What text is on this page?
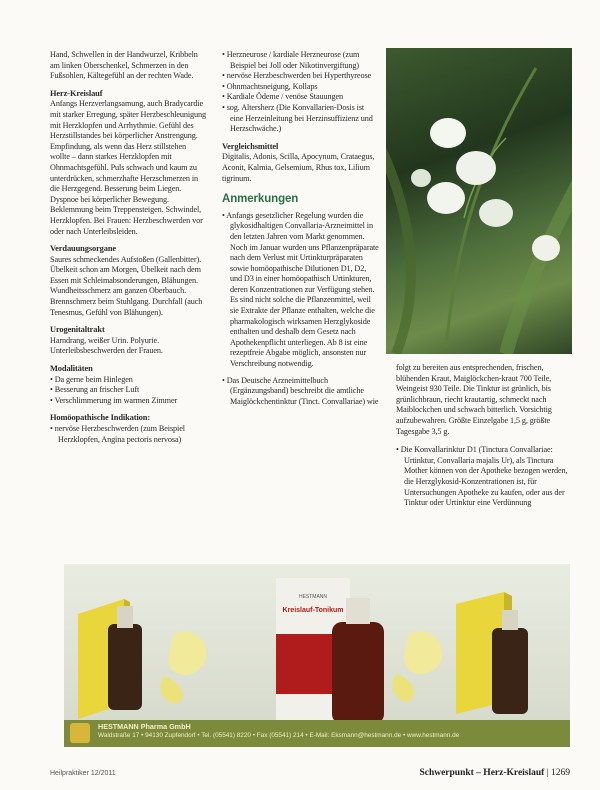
Hand, Schwellen in der Handwurzel, Kribbeln am linken Oberschenkel, Schmerzen in den Fußsohlen, Kältegefühl an der rechten Wade.

Herz-Kreislauf

Anfangs Herzverlangsamung, auch Bradycardie mit starker Erregung, später Herzbeschleunigung mit Herzklopfen und Arrhythmie. Gefühl des Herzstillstandes bei körperlicher Anstrengung. Empfindung, als wenn das Herz stillstehen wollte – dann starkes Herzklopfen mit Ohnmachtsgefühl. Puls schwach und kaum zu unterdrücken, schmerzhafte Herzschmerzen in die Herzgegend. Besserung beim Liegen. Dyspnoe bei körperlicher Bewegung. Beklemmung beim Treppensteigen. Schwindel, Herzklopfen. Bei Frauen: Herzbeschwerden vor oder nach Unterleibsleiden.

Verdauungsorgane

Saures schmeckendes Aufstoßen (Gallenbitter). Übelkeit schon am Morgen, Übelkeit nach dem Essen mit Schleimabsonderungen, Blähungen. Wundheitsschmerz am ganzen Oberbauch. Brennschmerz beim Stuhlgang. Durchfall (auch Tenesmus, Gefühl von Blähungen).

Urogenitaltrakt

Harndrang, weißer Urin. Polyurie. Unterleibsbeschwerden der Frauen.

Modalitäten

• Da gerne beim Hinlegen

• Besserung an frischer Luft

• Verschlimmerung im warmen Zimmer

Homöopathische Indikation:

• nervöse Herzbeschwerden (zum Beispiel Herzklopfen, Angina pectoris nervosa)

• Herzneurose / kardiale Herzneurose (zum Beispiel bei Joll oder Nikotinvergiftung)

• nervöse Herzbeschwerden bei Hyperthyreose

• Ohnmachtsneigung, Kollaps

• Kardiale Ödeme / venöse Stauungen

• sog. Altersherz (Die Konvallarien-Dosis ist eine Herzeinleitung bei Herzinsuffizienz und Herzschwäche.)

Vergleichsmittel

Digitalis, Adonis, Scilla, Apocynum, Crataegus, Aconit, Kalmia, Gelsemium, Rhus tox, Lilium tigrinum.

Anmerkungen

• Anfangs gesetzlicher Regelung wurden die glykosidhaltigen Convallaria-Arzneimittel in den letzten Jahren vom Markt genommen. Noch im Januar wurden uns Pflanzenpräparate nach dem Verlust mit Urtinkturpräparaten sowie homöopathische Dilutionen D1, D2, und D3 in einer homöopathisch Urtinkturen, deren Konzentrationen zur Verfügung stehen. Es sind nicht solche die Pflanzenmittel, weil sie Extrakte der Pflanze enthalten, welche die pharmakologisch wirksamen Herzglykoside enthalten und deshalb dem Gesetz nach Apothekenpflicht unterliegen. Ab 8 ist eine rezeptfreie Abgabe möglich, ansonsten nur Verschreibung notwendig.

• Das Deutsche Arzneimittelbuch (Ergänzungsband) beschreibt die amtliche Maiglöckchentinktur (Tinct. Convallariae) wie

folgt zu bereiten aus entsprechenden, frischen, blühenden Kraut, Maiglöckchen-kraut 700 Teile, Weingeist 930 Teile. Die Tinktur ist grünlich, bis grünlichbraun, riecht krautartig, schmeckt nach Maiblockchen und schwach bitterlich. Vorsichtig aufzubewahren. Größte Einzelgabe 1,5 g, größte Tagesgabe 3,5 g.

• Die Konvallarinktur D1 (Tinctura Convallariae: Urtinktur, Convallaria majalis Ur), als Tinctura Mother können von der Apotheke bezogen werden, die Herzglykosid-Konzentrationen ist, für Untersuchungen Apotheke zu kaufen, oder aus der Tinktur oder Urtinktur eine Verdünnung

HESTMANN
Kreislauf-Tonikum
HESTMANN Pharma GmbH
Waldstraße 17 • 94130 Zupfendorf • Tel. (05541) 8220 • Fax (05541) 214 • E-Mail: Eksmann@hestmann.de • www.hestmann.de
Heilpraktiker 12/2011	Schwerpunkt – Herz-Kreislauf | 1269
